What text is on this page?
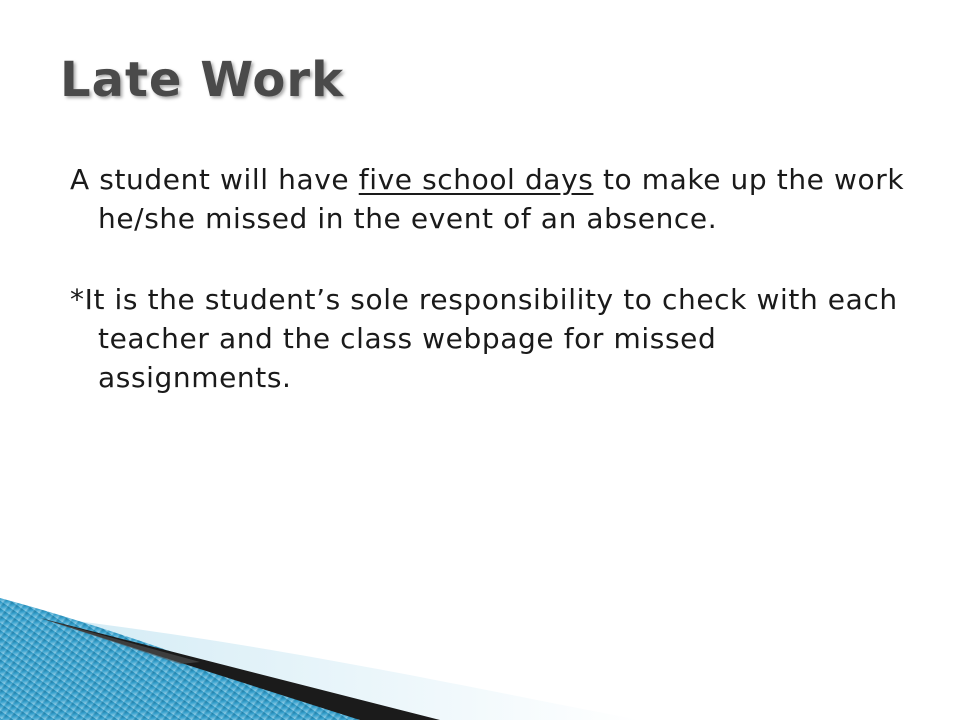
Late Work

A student will have five school days to make up the work he/she missed in the event of an absence.

*It is the student’s sole responsibility to check with each teacher and the class webpage for missed assignments.
